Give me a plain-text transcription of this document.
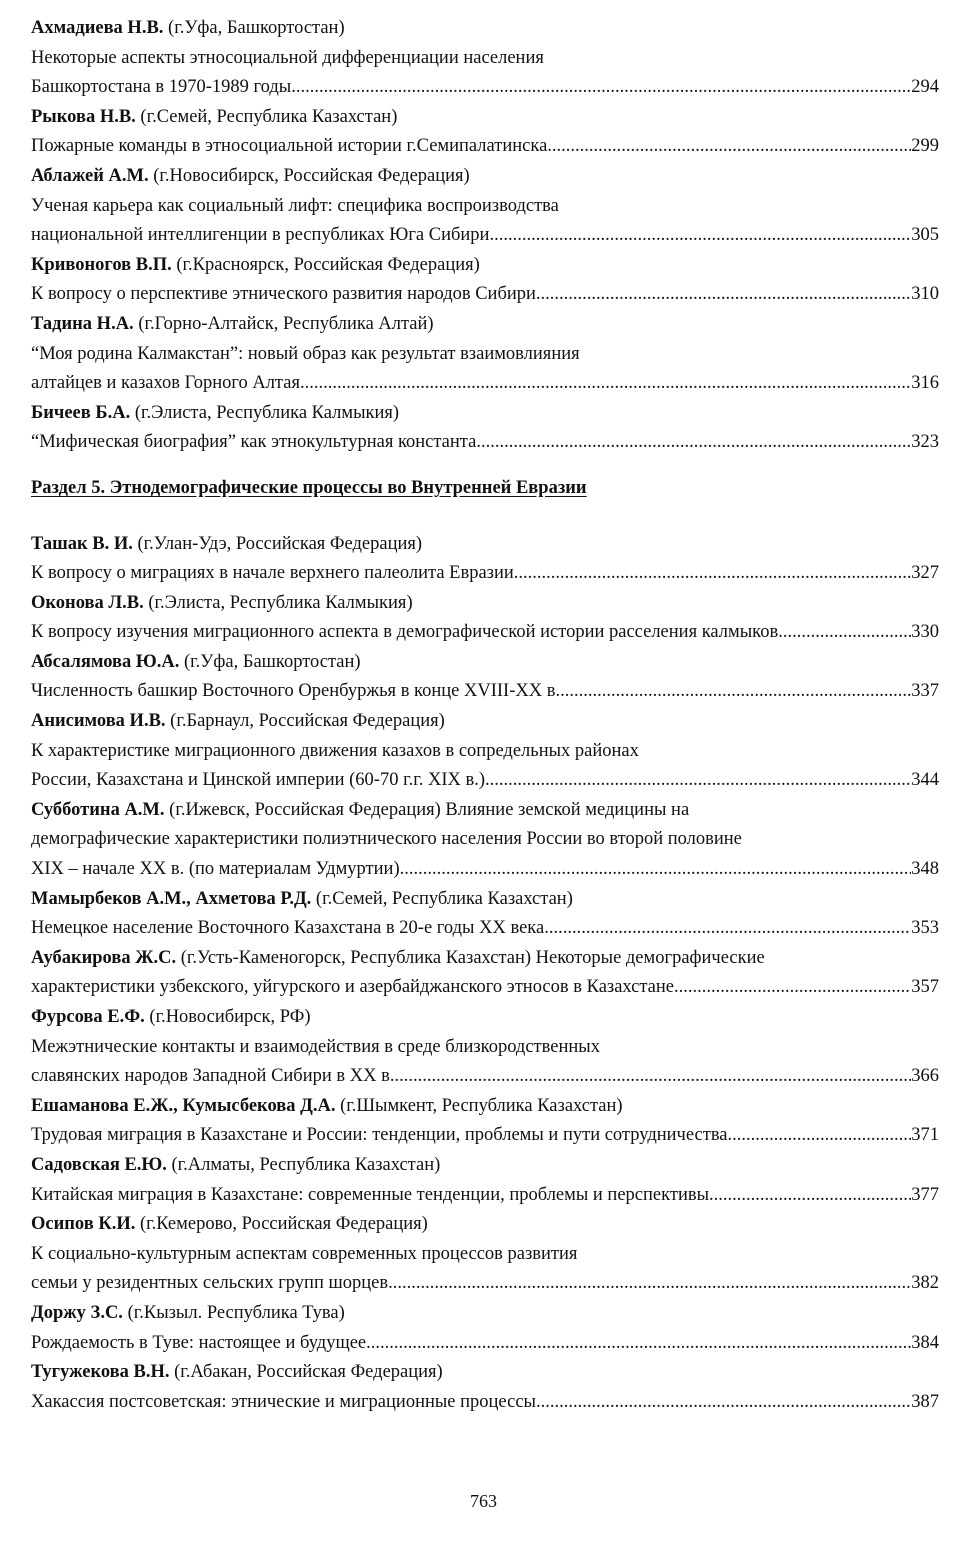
Ахмадиева Н.В. (г.Уфа, Башкортостан)
Некоторые аспекты этносоциальной дифференциации населения
Башкортостана в 1970-1989 годы .....	294
Рыкова Н.В. (г.Семей, Республика Казахстан)
Пожарные команды в этносоциальной истории г.Семипалатинска .....	299
Аблажей А.М. (г.Новосибирск, Российская Федерация)
Ученая карьера как социальный лифт: специфика воспроизводства
национальной интеллигенции в республиках Юга Сибири .....	305
Кривоногов В.П. (г.Красноярск, Российская Федерация)
К вопросу о перспективе этнического развития народов Сибири .....	310
Тадина Н.А. (г.Горно-Алтайск, Республика Алтай)
“Моя родина Калмакстан”: новый образ как результат взаимовлияния
алтайцев и казахов Горного Алтая .....	316
Бичеев Б.А. (г.Элиста, Республика Калмыкия)
“Мифическая биография” как этнокультурная константа .....	323
Раздел 5. Этнодемографические процессы во Внутренней Евразии
Ташак В. И. (г.Улан-Удэ, Российская Федерация)
К вопросу о миграциях в начале верхнего палеолита Евразии .....	327
Оконова Л.В. (г.Элиста, Республика Калмыкия)
К вопросу изучения миграционного аспекта в демографической истории расселения калмыков .....	330
Абсалямова Ю.А. (г.Уфа, Башкортостан)
Численность башкир Восточного Оренбуржья в конце XVIII-XX в .....	337
Анисимова И.В. (г.Барнаул, Российская Федерация)
К характеристике миграционного движения казахов в сопредельных районах
России, Казахстана и Цинской империи (60-70 г.г. XIX в.) .....	344
Субботина А.М. (г.Ижевск, Российская Федерация) Влияние земской медицины на
демографические характеристики полиэтнического населения России во второй половине
XIX – начале XX в. (по материалам Удмуртии) .....	348
Мамырбеков А.М., Ахметова Р.Д. (г.Семей, Республика Казахстан)
Немецкое население Восточного Казахстана в 20-е годы XX века .....	353
Аубакирова Ж.С. (г.Усть-Каменогорск, Республика Казахстан) Некоторые демографические
характеристики узбекского, уйгурского и азербайджанского этносов в Казахстане .....	357
Фурсова Е.Ф. (г.Новосибирск, РФ)
Межэтнические контакты и взаимодействия в среде близкородственных
славянских народов Западной Сибири в XX в .....	366
Ешаманова Е.Ж., Кумысбекова Д.А. (г.Шымкент, Республика Казахстан)
Трудовая миграция в Казахстане и России: тенденции, проблемы и пути сотрудничества .....	371
Садовская Е.Ю. (г.Алматы, Республика Казахстан)
Китайская миграция в Казахстане: современные тенденции, проблемы и перспективы .....	377
Осипов К.И. (г.Кемерово, Российская Федерация)
К социально-культурным аспектам современных процессов развития
семьи у резидентных сельских групп шорцев .....	382
Доржу З.С. (г.Кызыл. Республика Тува)
Рождаемость в Туве: настоящее и будущее .....	384
Тугужекова В.Н. (г.Абакан, Российская Федерация)
Хакассия постсоветская: этнические и миграционные процессы .....	387
763
